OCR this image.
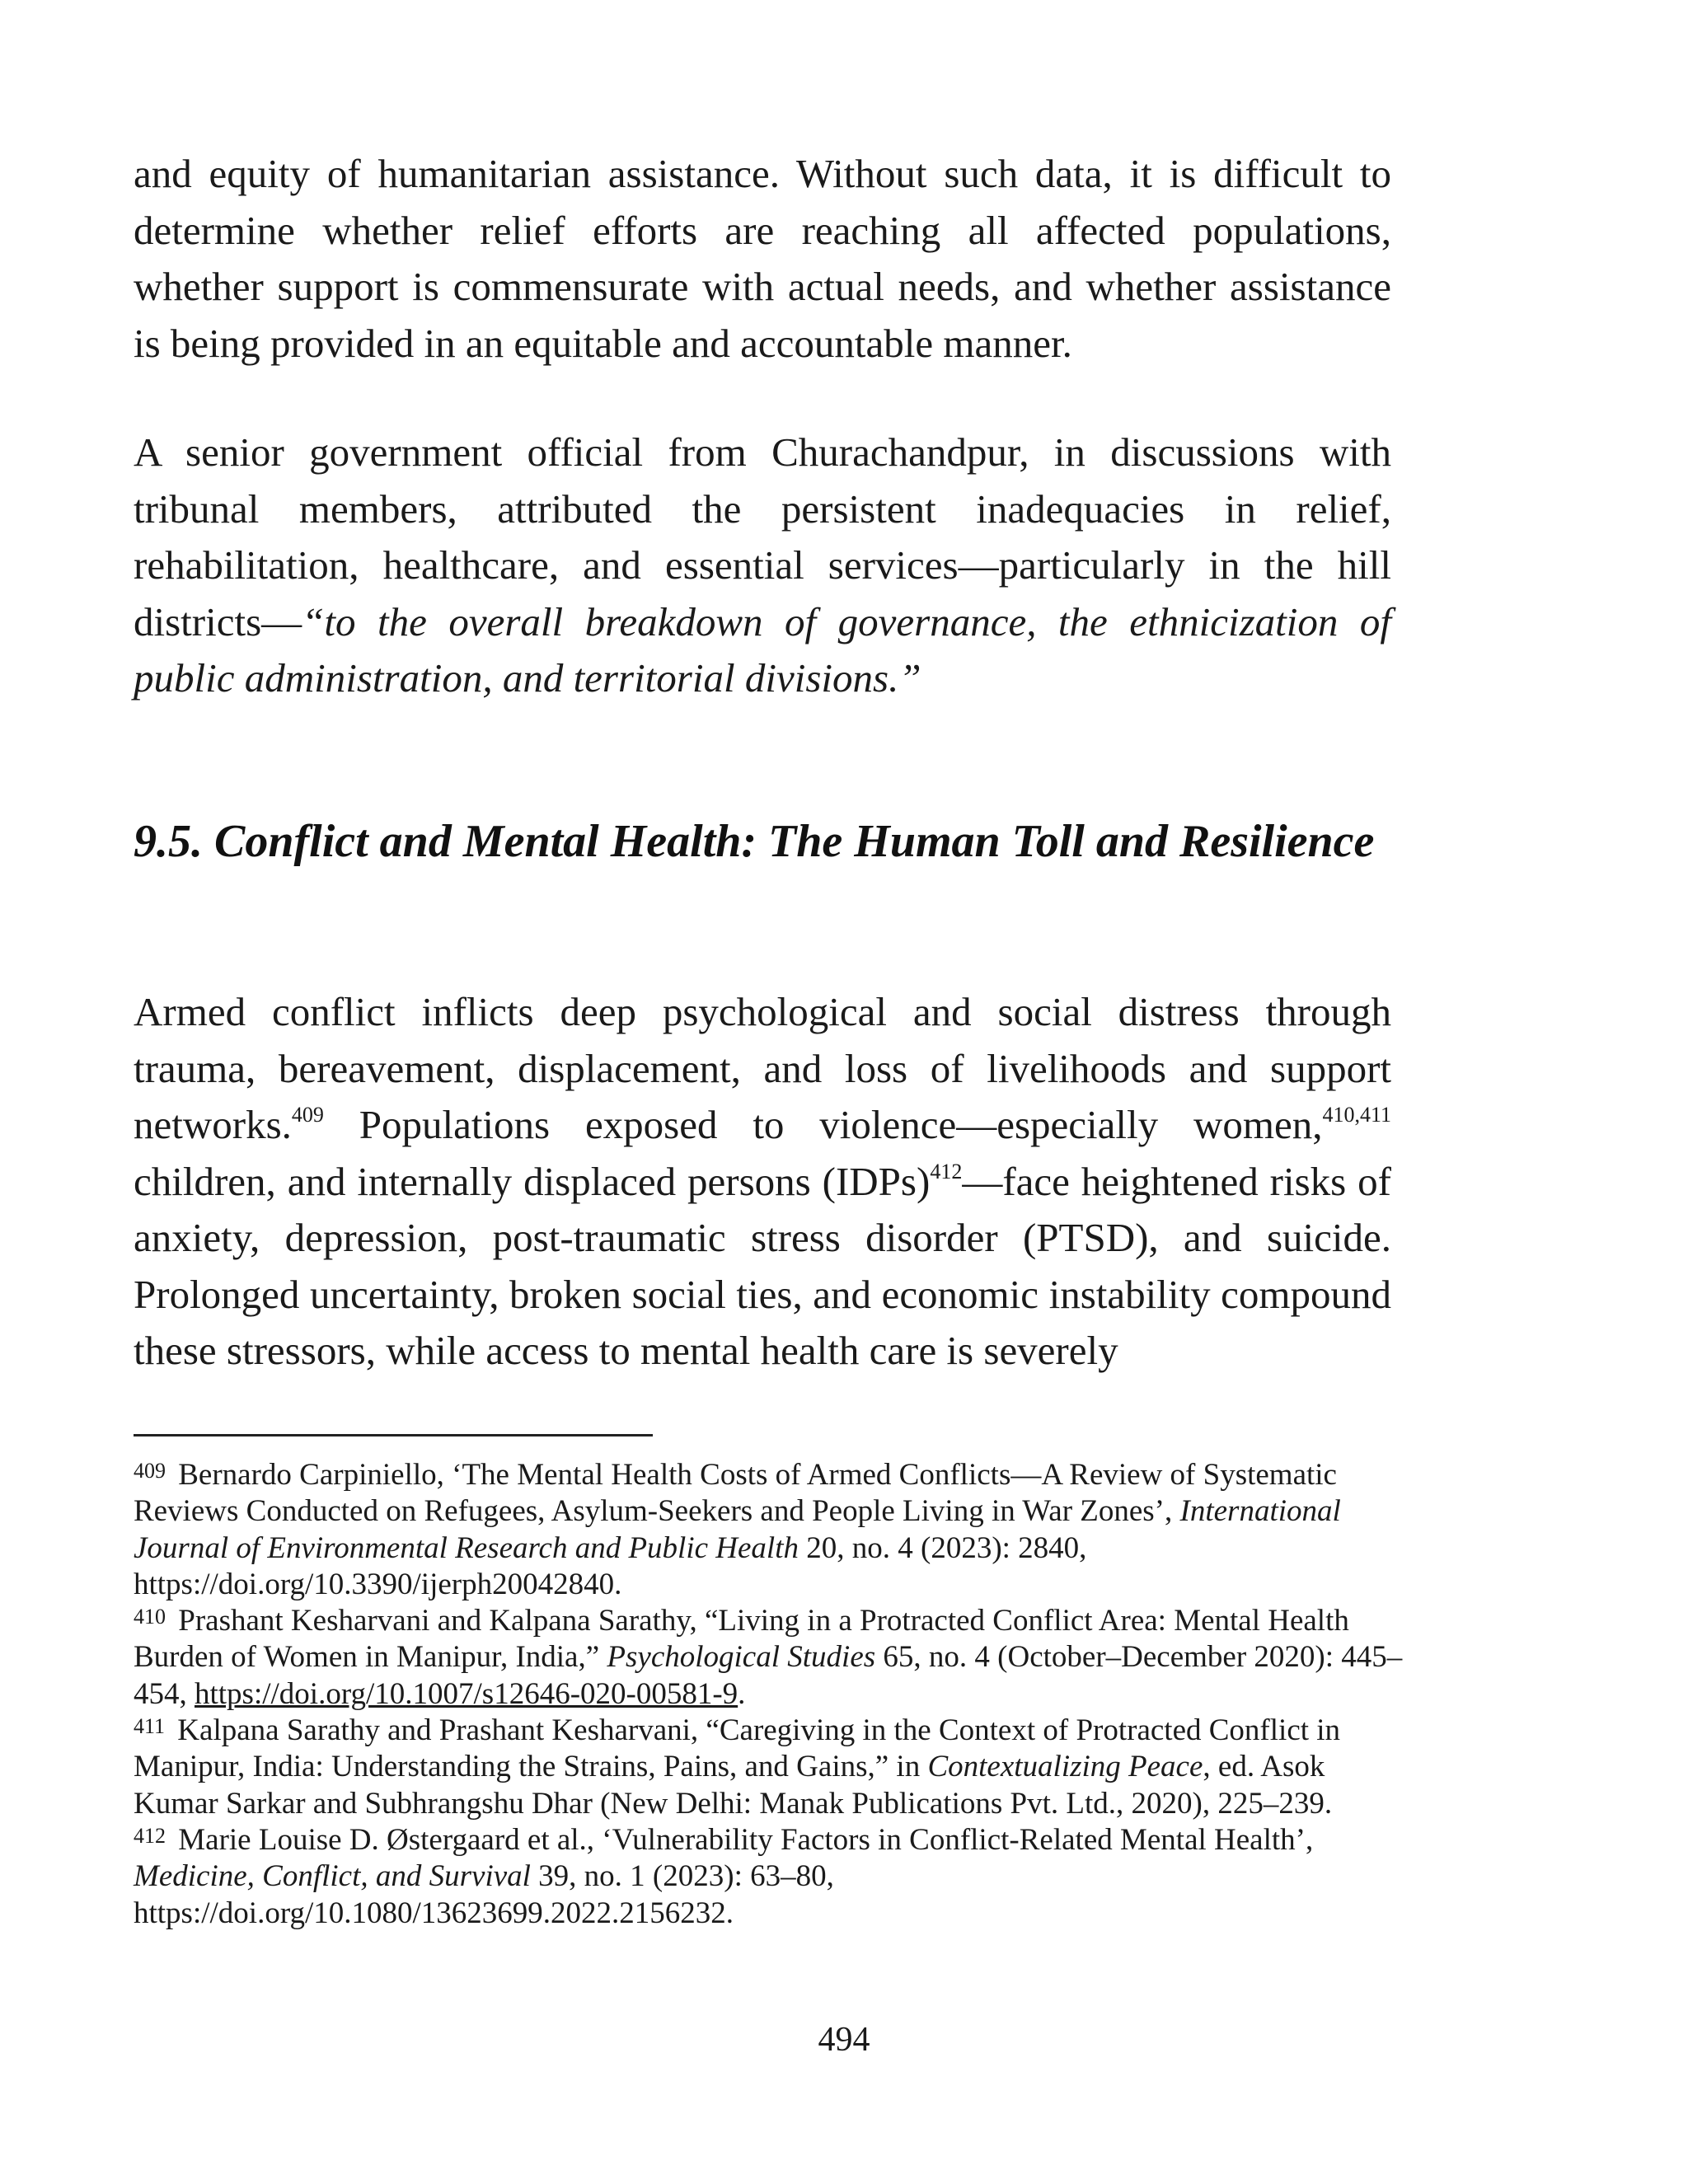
and equity of humanitarian assistance. Without such data, it is difficult to determine whether relief efforts are reaching all affected populations, whether support is commensurate with actual needs, and whether assistance is being provided in an equitable and accountable manner.

A senior government official from Churachandpur, in discussions with tribunal members, attributed the persistent inadequacies in relief, rehabilitation, healthcare, and essential services—particularly in the hill districts—“to the overall breakdown of governance, the ethnicization of public administration, and territorial divisions.”

9.5. Conflict and Mental Health: The Human Toll and Resilience

Armed conflict inflicts deep psychological and social distress through trauma, bereavement, displacement, and loss of livelihoods and support networks.$^{409}$ Populations exposed to violence—especially women,$^{410,411}$ children, and internally displaced persons (IDPs)$^{412}$—face heightened risks of anxiety, depression, post-traumatic stress disorder (PTSD), and suicide. Prolonged uncertainty, broken social ties, and economic instability compound these stressors, while access to mental health care is severely

$^{409}$ Bernardo Carpiniello, ‘The Mental Health Costs of Armed Conflicts—A Review of Systematic Reviews Conducted on Refugees, Asylum-Seekers and People Living in War Zones’, International Journal of Environmental Research and Public Health 20, no. 4 (2023): 2840, https://doi.org/10.3390/ijerph20042840.
$^{410}$ Prashant Kesharvani and Kalpana Sarathy, “Living in a Protracted Conflict Area: Mental Health Burden of Women in Manipur, India,” Psychological Studies 65, no. 4 (October–December 2020): 445–454, https://doi.org/10.1007/s12646-020-00581-9.
$^{411}$ Kalpana Sarathy and Prashant Kesharvani, “Caregiving in the Context of Protracted Conflict in Manipur, India: Understanding the Strains, Pains, and Gains,” in Contextualizing Peace, ed. Asok Kumar Sarkar and Subhrangshu Dhar (New Delhi: Manak Publications Pvt. Ltd., 2020), 225–239.
$^{412}$ Marie Louise D. Østergaard et al., ‘Vulnerability Factors in Conflict-Related Mental Health’, Medicine, Conflict, and Survival 39, no. 1 (2023): 63–80, https://doi.org/10.1080/13623699.2022.2156232.

494
